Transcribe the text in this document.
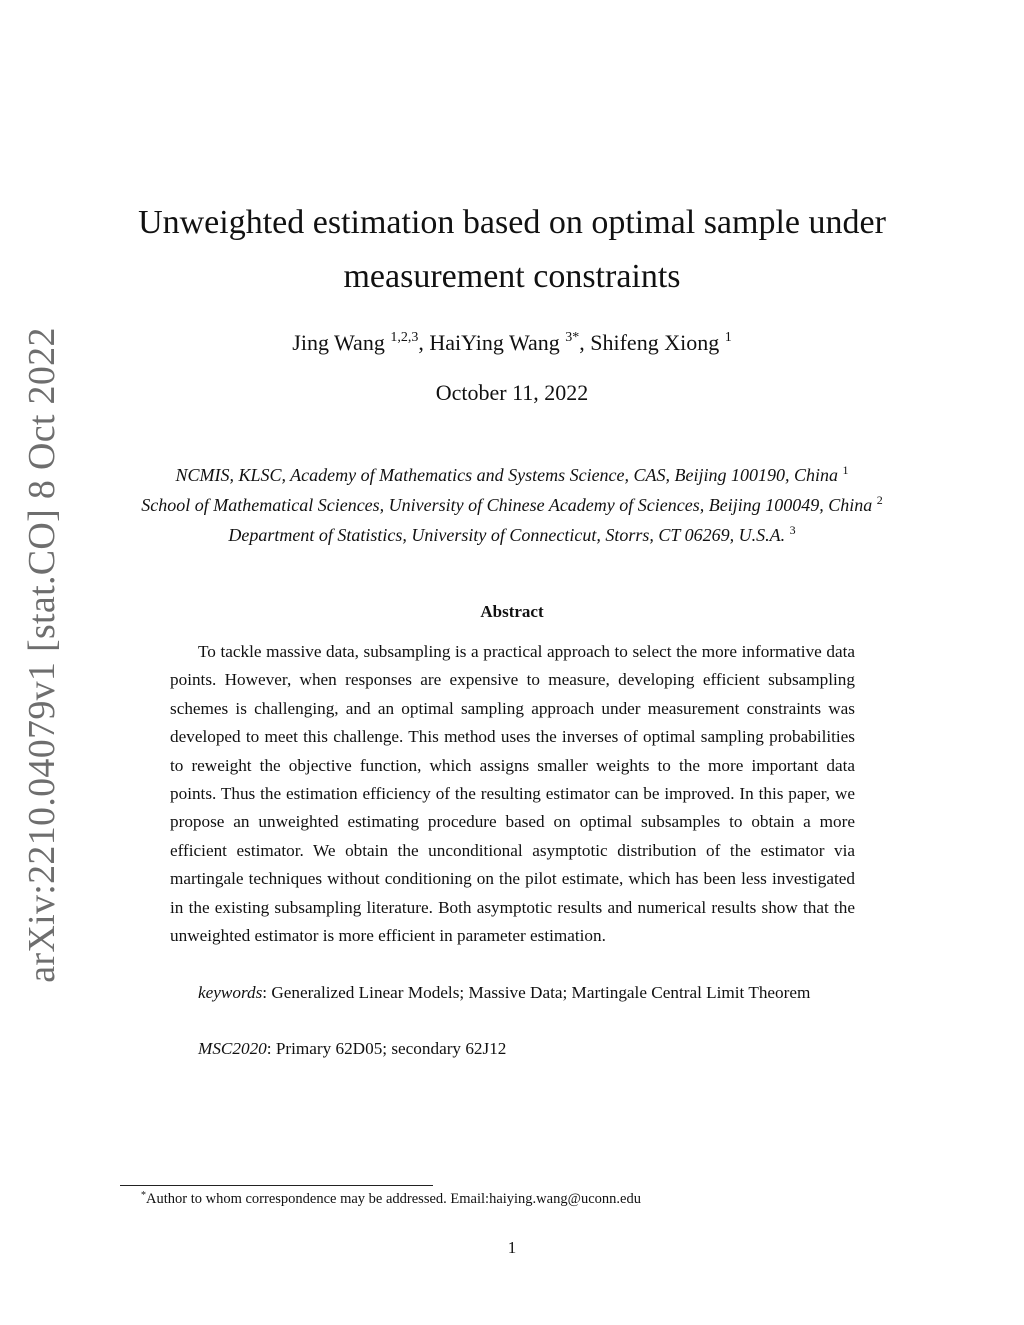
arXiv:2210.04079v1 [stat.CO] 8 Oct 2022
Unweighted estimation based on optimal sample under
measurement constraints
Jing Wang $^{1,2,3}$, HaiYing Wang $^{3*}$, Shifeng Xiong $^1$
October 11, 2022
NCMIS, KLSC, Academy of Mathematics and Systems Science, CAS, Beijing 100190, China $^1$
School of Mathematical Sciences, University of Chinese Academy of Sciences, Beijing 100049, China $^2$
Department of Statistics, University of Connecticut, Storrs, CT 06269, U.S.A. $^3$
Abstract

To tackle massive data, subsampling is a practical approach to select the more informative data points. However, when responses are expensive to measure, developing efficient subsampling schemes is challenging, and an optimal sampling approach under measurement constraints was developed to meet this challenge. This method uses the inverses of optimal sampling probabilities to reweight the objective function, which assigns smaller weights to the more important data points. Thus the estimation efficiency of the resulting estimator can be improved. In this paper, we propose an unweighted estimating procedure based on optimal subsamples to obtain a more efficient estimator. We obtain the unconditional asymptotic distribution of the estimator via martingale techniques without conditioning on the pilot estimate, which has been less investigated in the existing subsampling literature. Both asymptotic results and numerical results show that the unweighted estimator is more efficient in parameter estimation.

keywords: Generalized Linear Models; Massive Data; Martingale Central Limit Theorem

MSC2020: Primary 62D05; secondary 62J12

*Author to whom correspondence may be addressed. Email:haiying.wang@uconn.edu
1
